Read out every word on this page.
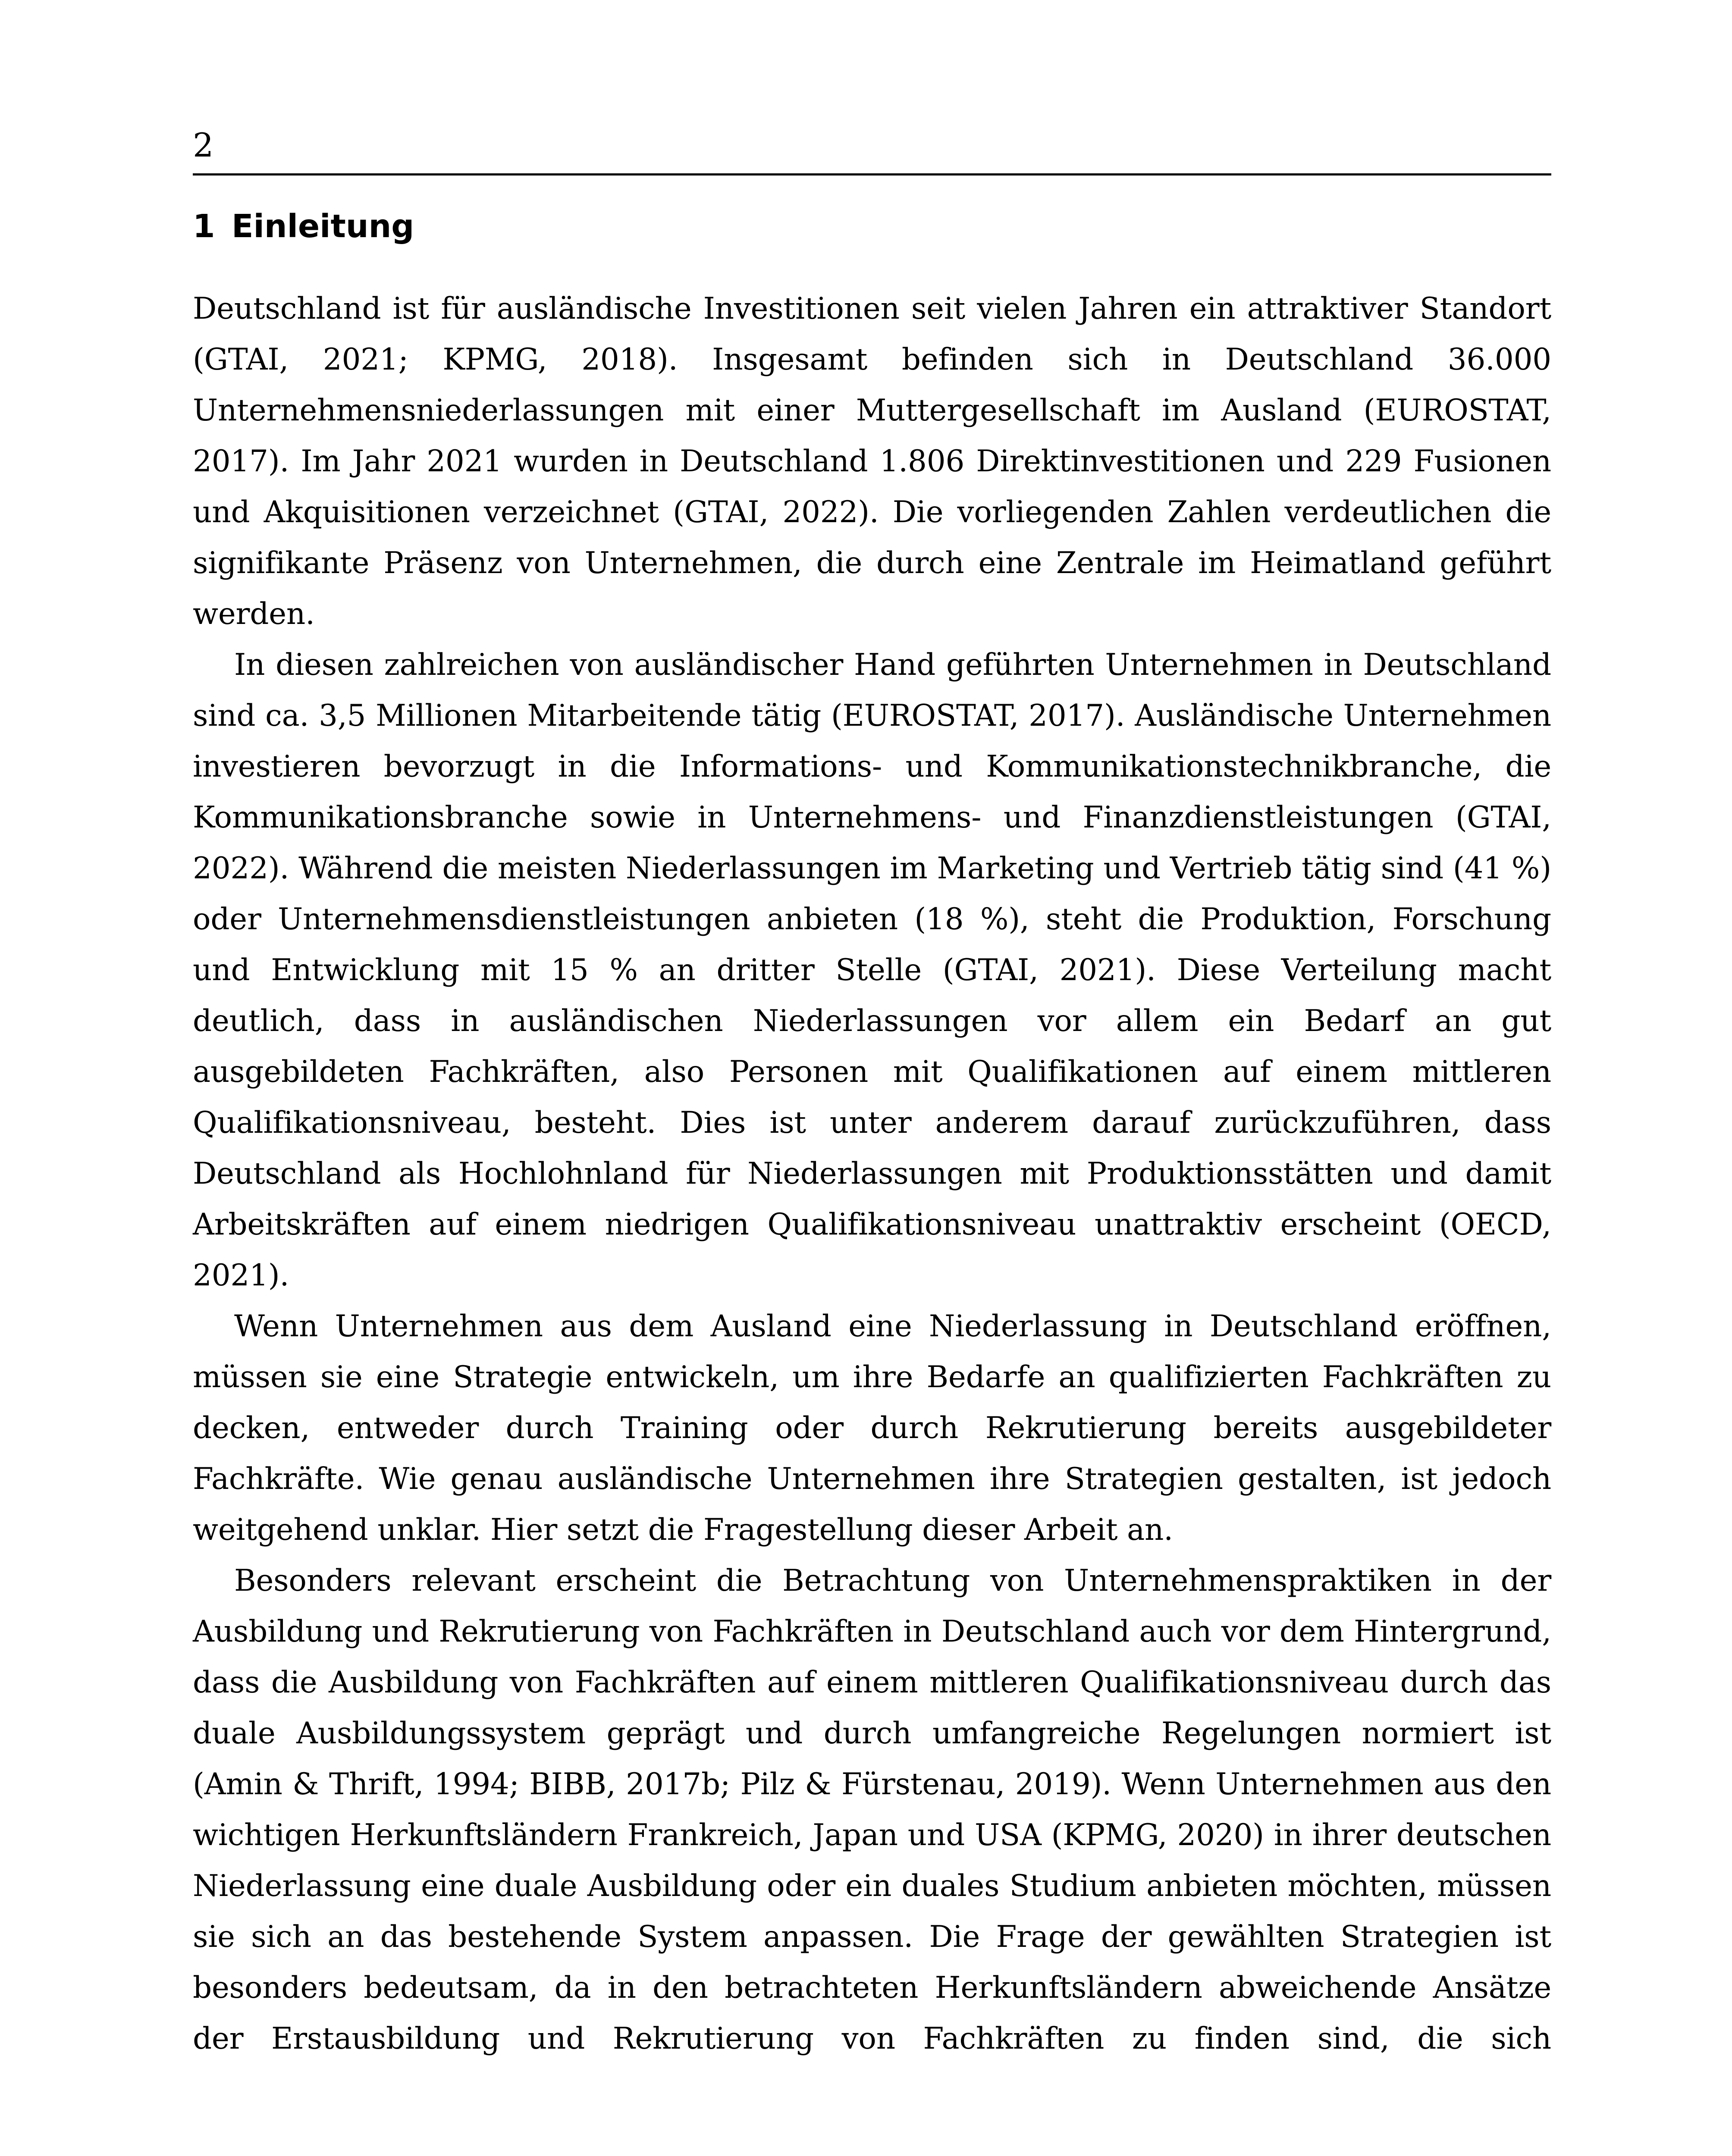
2
1 Einleitung

Deutschland ist für ausländische Investitionen seit vielen Jahren ein attraktiver Standort (GTAI, 2021; KPMG, 2018). Insgesamt befinden sich in Deutschland 36.000 Unternehmensniederlassungen mit einer Muttergesellschaft im Ausland (EUROSTAT, 2017). Im Jahr 2021 wurden in Deutschland 1.806 Direktinvestitionen und 229 Fusionen und Akquisitionen verzeichnet (GTAI, 2022). Die vorliegenden Zahlen verdeutlichen die signifikante Präsenz von Unternehmen, die durch eine Zentrale im Heimatland geführt werden.

In diesen zahlreichen von ausländischer Hand geführten Unternehmen in Deutschland sind ca. 3,5 Millionen Mitarbeitende tätig (EUROSTAT, 2017). Ausländische Unternehmen investieren bevorzugt in die Informations- und Kommunikationstechnikbranche, die Kommunikationsbranche sowie in Unternehmens- und Finanzdienstleistungen (GTAI, 2022). Während die meisten Niederlassungen im Marketing und Vertrieb tätig sind (41 %) oder Unternehmensdienstleistungen anbieten (18 %), steht die Produktion, Forschung und Entwicklung mit 15 % an dritter Stelle (GTAI, 2021). Diese Verteilung macht deutlich, dass in ausländischen Niederlassungen vor allem ein Bedarf an gut ausgebildeten Fachkräften, also Personen mit Qualifikationen auf einem mittleren Qualifikationsniveau, besteht. Dies ist unter anderem darauf zurückzuführen, dass Deutschland als Hochlohnland für Niederlassungen mit Produktionsstätten und damit Arbeitskräften auf einem niedrigen Qualifikationsniveau unattraktiv erscheint (OECD, 2021).

Wenn Unternehmen aus dem Ausland eine Niederlassung in Deutschland eröffnen, müssen sie eine Strategie entwickeln, um ihre Bedarfe an qualifizierten Fachkräften zu decken, entweder durch Training oder durch Rekrutierung bereits ausgebildeter Fachkräfte. Wie genau ausländische Unternehmen ihre Strategien gestalten, ist jedoch weitgehend unklar. Hier setzt die Fragestellung dieser Arbeit an.

Besonders relevant erscheint die Betrachtung von Unternehmenspraktiken in der Ausbildung und Rekrutierung von Fachkräften in Deutschland auch vor dem Hintergrund, dass die Ausbildung von Fachkräften auf einem mittleren Qualifikationsniveau durch das duale Ausbildungssystem geprägt und durch umfangreiche Regelungen normiert ist (Amin & Thrift, 1994; BIBB, 2017b; Pilz & Fürstenau, 2019). Wenn Unternehmen aus den wichtigen Herkunftsländern Frankreich, Japan und USA (KPMG, 2020) in ihrer deutschen Niederlassung eine duale Ausbildung oder ein duales Studium anbieten möchten, müssen sie sich an das bestehende System anpassen. Die Frage der gewählten Strategien ist besonders bedeutsam, da in den betrachteten Herkunftsländern abweichende Ansätze der Erstausbildung und Rekrutierung von Fachkräften zu finden sind, die sich
